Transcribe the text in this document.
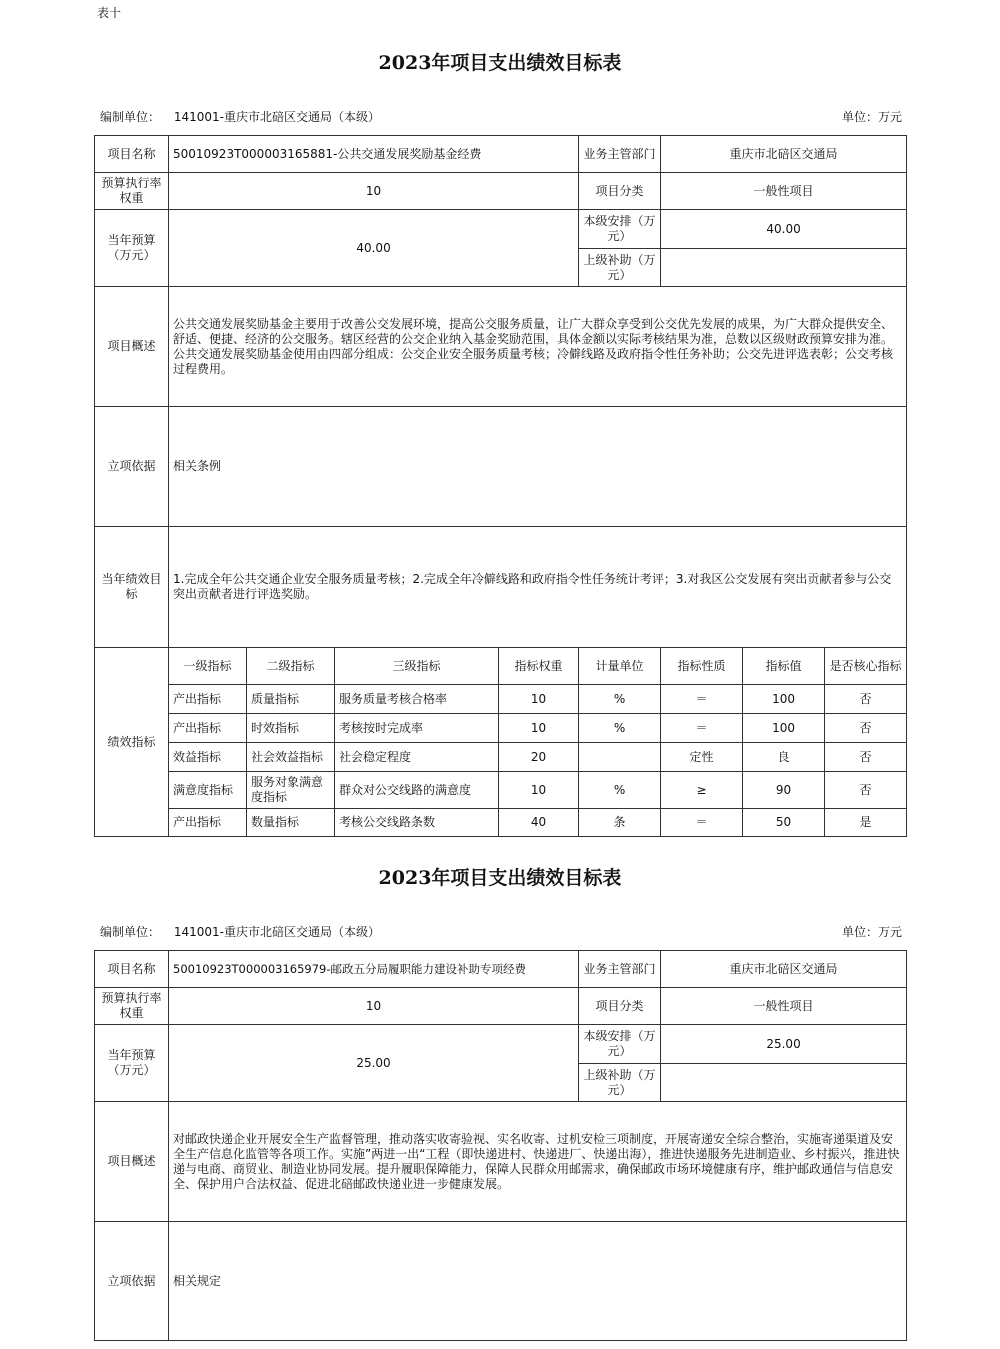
表十
2023年项目支出绩效目标表
编制单位： 141001-重庆市北碚区交通局（本级）	单位：万元
项目名称	50010923T000003165881-公共交通发展奖励基金经费				业务主管部门	重庆市北碚区交通局		
预算执行率权重	10				项目分类	一般性项目		
当年预算（万元）	40.00				本级安排（万元）	40.00		
					上级补助（万元）			
项目概述	公共交通发展奖励基金主要用于改善公交发展环境，提高公交服务质量，让广大群众享受到公交优先发展的成果，为广大群众提供安全、舒适、便捷、经济的公交服务。辖区经营的公交企业纳入基金奖励范围，具体金额以实际考核结果为准，总数以区级财政预算安排为准。公共交通发展奖励基金使用由四部分组成：公交企业安全服务质量考核；冷僻线路及政府指令性任务补助；公交先进评选表彰；公交考核过程费用。							
立项依据	相关条例							
当年绩效目标	1.完成全年公共交通企业安全服务质量考核；2.完成全年冷僻线路和政府指令性任务统计考评；3.对我区公交发展有突出贡献者参与公交突出贡献者进行评选奖励。							
绩效指标	一级指标	二级指标	三级指标	指标权重	计量单位	指标性质	指标值	是否核心指标
	产出指标	质量指标	服务质量考核合格率	10	%	＝	100	否
	产出指标	时效指标	考核按时完成率	10	%	＝	100	否
	效益指标	社会效益指标	社会稳定程度	20		定性	良	否
	满意度指标	服务对象满意度指标	群众对公交线路的满意度	10	%	≥	90	否
	产出指标	数量指标	考核公交线路条数	40	条	＝	50	是
2023年项目支出绩效目标表
编制单位： 141001-重庆市北碚区交通局（本级）	单位：万元
项目名称	50010923T000003165979-邮政五分局履职能力建设补助专项经费	业务主管部门	重庆市北碚区交通局
预算执行率权重	10	项目分类	一般性项目
当年预算（万元）	25.00	本级安排（万元）	25.00
		上级补助（万元）	
项目概述	对邮政快递企业开展安全生产监督管理，推动落实收寄验视、实名收寄、过机安检三项制度，开展寄递安全综合整治，实施寄递渠道及安全生产信息化监管等各项工作。实施”两进一出“工程（即快递进村、快递进厂、快递出海），推进快递服务先进制造业、乡村振兴，推进快递与电商、商贸业、制造业协同发展。提升履职保障能力，保障人民群众用邮需求，确保邮政市场环境健康有序，维护邮政通信与信息安全、保护用户合法权益、促进北碚邮政快递业进一步健康发展。		
立项依据	相关规定		
